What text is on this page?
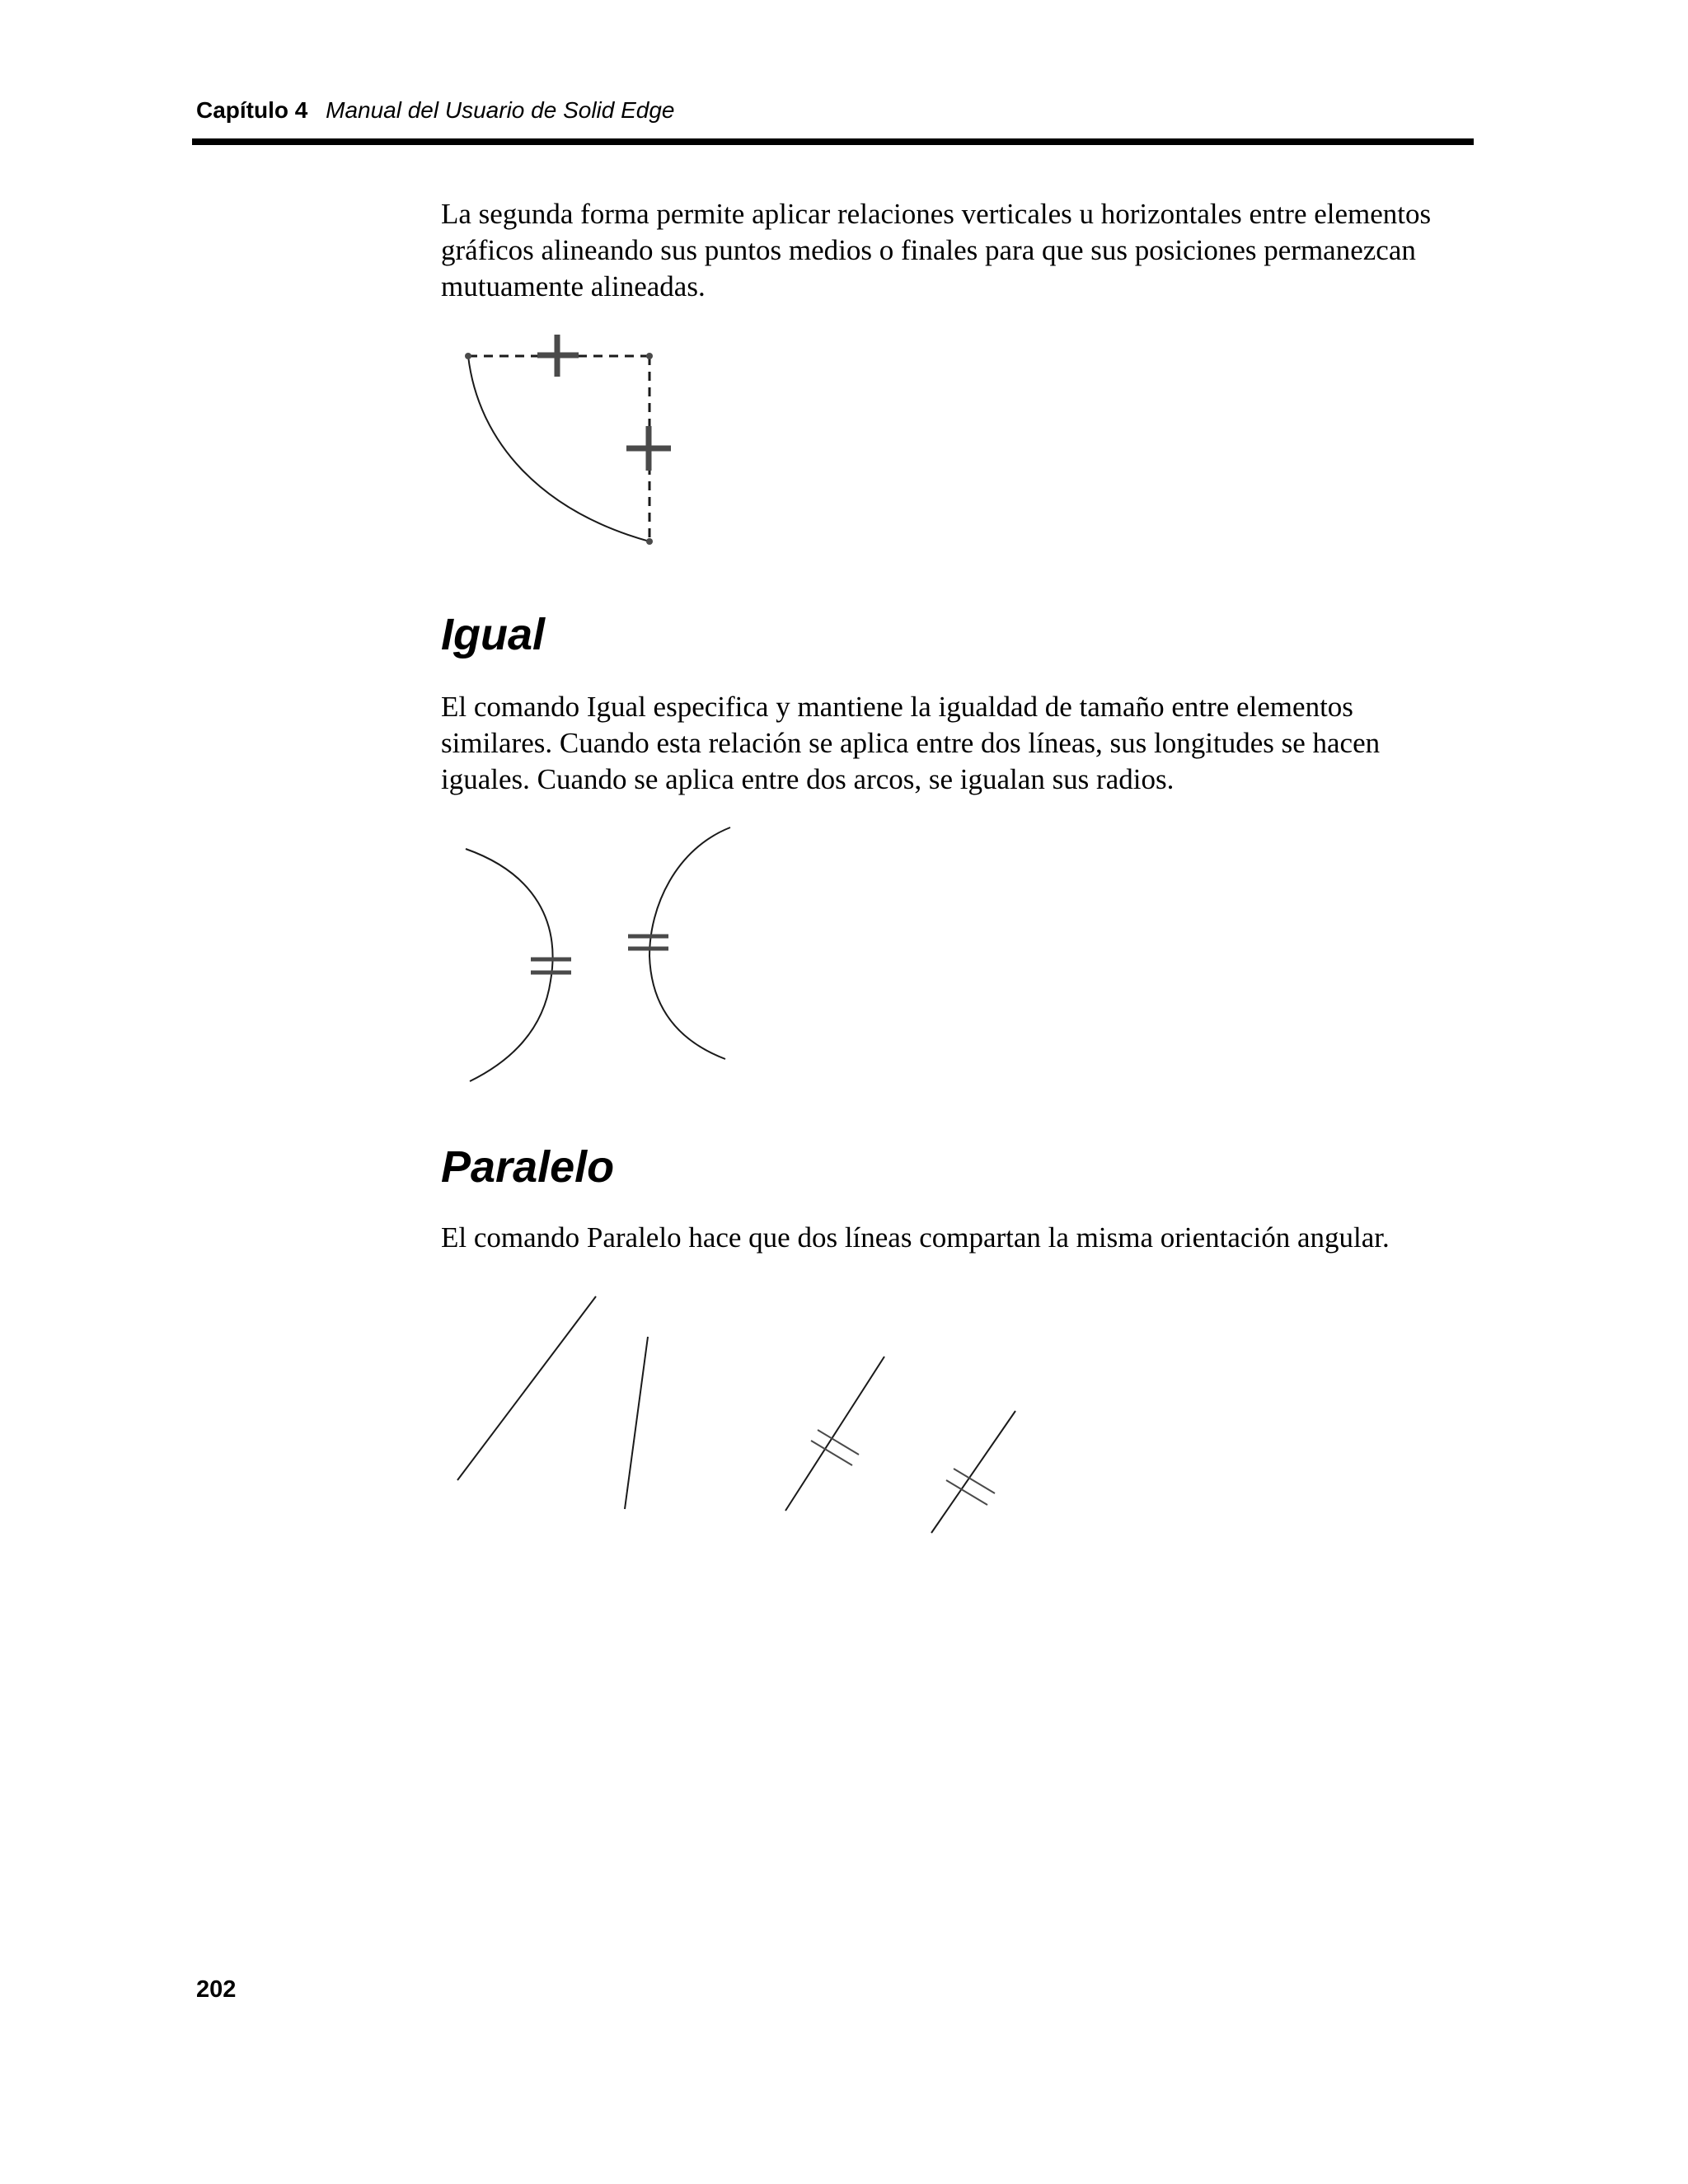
Capítulo 4 Manual del Usuario de Solid Edge

La segunda forma permite aplicar relaciones verticales u horizontales entre elementos gráficos alineando sus puntos medios o finales para que sus posiciones permanezcan mutuamente alineadas.

Igual

El comando Igual especifica y mantiene la igualdad de tamaño entre elementos similares. Cuando esta relación se aplica entre dos líneas, sus longitudes se hacen iguales. Cuando se aplica entre dos arcos, se igualan sus radios.

Paralelo

El comando Paralelo hace que dos líneas compartan la misma orientación angular.

202
